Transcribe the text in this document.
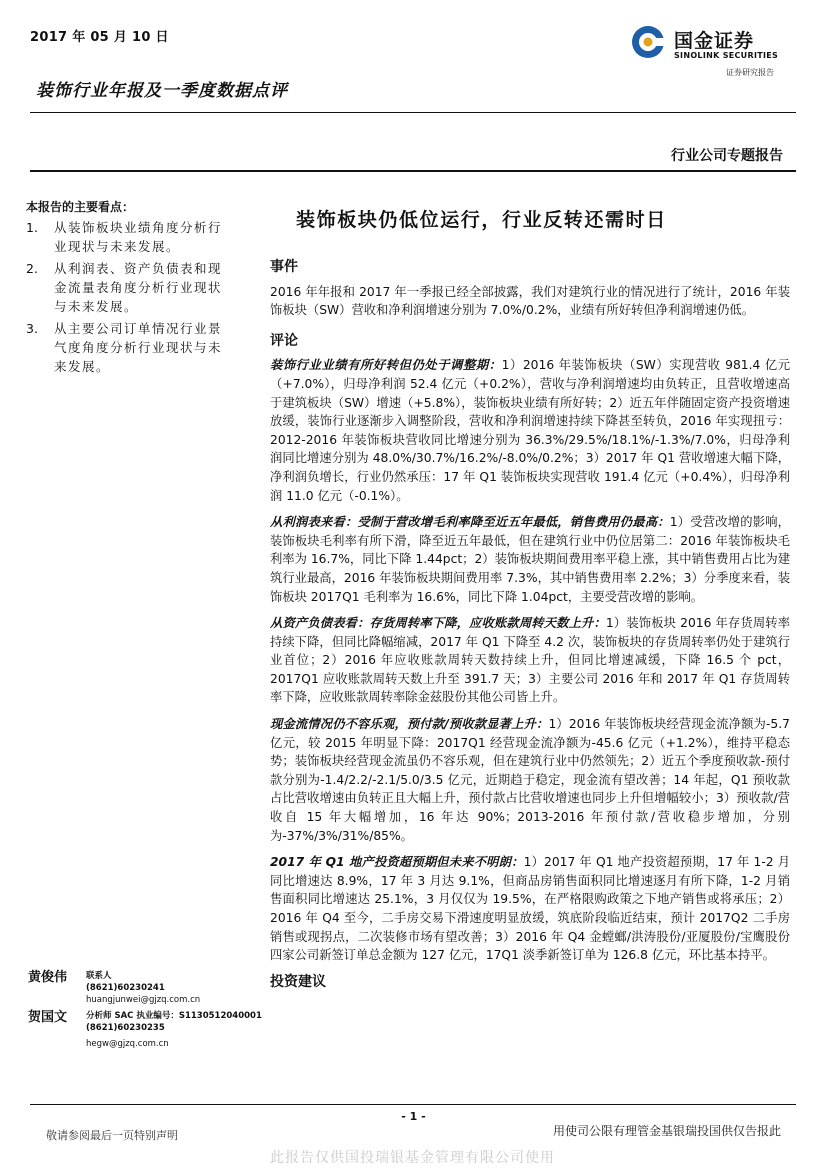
2017 年 05 月 10 日
装饰行业年报及一季度数据点评
国金证券
SINOLINK SECURITIES
证券研究报告
行业公司专题报告
本报告的主要看点：
1.	从装饰板块业绩角度分析行业现状与未来发展。
2.	从利润表、资产负债表和现金流量表角度分析行业现状与未来发展。
3.	从主要公司订单情况行业景气度角度分析行业现状与未来发展。
黄俊伟 联系人
(8621)60230241
huangjunwei@gjzq.com.cn
贺国文 分析师 SAC 执业编号：S1130512040001
(8621)60230235
hegw@gjzq.com.cn
装饰板块仍低位运行，行业反转还需时日
事件

2016 年年报和 2017 年一季报已经全部披露，我们对建筑行业的情况进行了统计，2016 年装饰板块（SW）营收和净利润增速分别为 7.0%/0.2%，业绩有所好转但净利润增速仍低。

评论

装饰行业业绩有所好转但仍处于调整期：1）2016 年装饰板块（SW）实现营收 981.4 亿元（+7.0%），归母净利润 52.4 亿元（+0.2%），营收与净利润增速均由负转正，且营收增速高于建筑板块（SW）增速（+5.8%），装饰板块业绩有所好转；2）近五年伴随固定资产投资增速放缓，装饰行业逐渐步入调整阶段，营收和净利润增速持续下降甚至转负，2016 年实现扭亏：2012-2016 年装饰板块营收同比增速分别为 36.3%/29.5%/18.1%/-1.3%/7.0%，归母净利润同比增速分别为 48.0%/30.7%/16.2%/-8.0%/0.2%；3）2017 年 Q1 营收增速大幅下降，净利润负增长，行业仍然承压：17 年 Q1 装饰板块实现营收 191.4 亿元（+0.4%），归母净利润 11.0 亿元（-0.1%）。

从利润表来看：受制于营改增毛利率降至近五年最低，销售费用仍最高：1）受营改增的影响，装饰板块毛利率有所下滑，降至近五年最低，但在建筑行业中仍位居第二：2016 年装饰板块毛利率为 16.7%，同比下降 1.44pct；2）装饰板块期间费用率平稳上涨，其中销售费用占比为建筑行业最高，2016 年装饰板块期间费用率 7.3%，其中销售费用率 2.2%；3）分季度来看，装饰板块 2017Q1 毛利率为 16.6%，同比下降 1.04pct，主要受营改增的影响。

从资产负债表看：存货周转率下降，应收账款周转天数上升：1）装饰板块 2016 年存货周转率持续下降，但同比降幅缩减，2017 年 Q1 下降至 4.2 次，装饰板块的存货周转率仍处于建筑行业首位；2）2016 年应收账款周转天数持续上升，但同比增速减缓，下降 16.5 个 pct，2017Q1 应收账款周转天数上升至 391.7 天；3）主要公司 2016 年和 2017 年 Q1 存货周转率下降，应收账款周转率除金兹股份其他公司皆上升。

现金流情况仍不容乐观，预付款/预收款显著上升：1）2016 年装饰板块经营现金流净额为-5.7 亿元，较 2015 年明显下降：2017Q1 经营现金流净额为-45.6 亿元（+1.2%），维持平稳态势；装饰板块经营现金流虽仍不容乐观，但在建筑行业中仍然领先；2）近五个季度预收款-预付款分别为-1.4/2.2/-2.1/5.0/3.5 亿元，近期趋于稳定，现金流有望改善；14 年起，Q1 预收款占比营收增速由负转正且大幅上升，预付款占比营收增速也同步上升但增幅较小；3）预收款/营收自 15 年大幅增加，16 年达 90%；2013-2016 年预付款/营收稳步增加，分别为-37%/3%/31%/85%。

2017 年 Q1 地产投资超预期但未来不明朗：1）2017 年 Q1 地产投资超预期，17 年 1-2 月同比增速达 8.9%，17 年 3 月达 9.1%，但商品房销售面积同比增速逐月有所下降，1-2 月销售面积同比增速达 25.1%，3 月仅仅为 19.5%，在严格限购政策之下地产销售或将承压；2）2016 年 Q4 至今，二手房交易下滑速度明显放缓，筑底阶段临近结束，预计 2017Q2 二手房销售或现拐点，二次装修市场有望改善；3）2016 年 Q4 金螳螂/洪涛股份/亚厦股份/宝鹰股份四家公司新签订单总金额为 127 亿元，17Q1 淡季新签订单为 126.8 亿元，环比基本持平。

投资建议
- 1 -
敬请参阅最后一页特别声明	用使司公限有理管金基银瑞投国供仅告报此
此报告仅供国投瑞银基金管理有限公司使用
